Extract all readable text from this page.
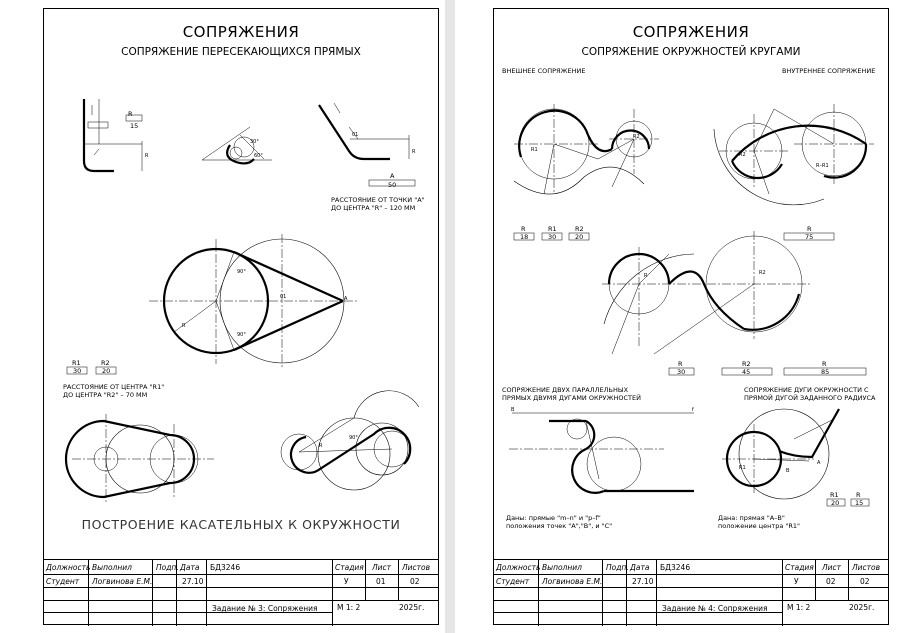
СОПРЯЖЕНИЯ
СОПРЯЖЕНИЕ ПЕРЕСЕКАЮЩИХСЯ ПРЯМЫХ
R
30°
60°
R
01
90°
90°
01	A
R
R
90°
R
15
A
50
РАССТОЯНИЕ ОТ ТОЧКИ "А"
ДО ЦЕНТРА "R" – 120 ММ
R1	R2
30	20
РАССТОЯНИЕ ОТ ЦЕНТРА "R1"
ДО ЦЕНТРА "R2" – 70 ММ
ПОСТРОЕНИЕ КАСАТЕЛЬНЫХ К ОКРУЖНОСТИ
Должность Выполнил	Подп. Дата БД3246	Стадия Лист Листов
Студент Логвинова Е.М.	27.10	У	01	02
Задание № 3: Сопряжения	М 1: 2	2025г.
СОПРЯЖЕНИЯ
СОПРЯЖЕНИЕ ОКРУЖНОСТЕЙ КРУГАМИ
R1
R2
R2
R–R1
R	R2
B	f
R1	B
A
ВНЕШНЕЕ СОПРЯЖЕНИЕ	ВНУТРЕННЕЕ СОПРЯЖЕНИЕ
R	R1	R2
18	30	20
R
75
R	R2	R
30	45	85
СОПРЯЖЕНИЕ ДВУХ ПАРАЛЛЕЛЬНЫХ
ПРЯМЫХ ДВУМЯ ДУГАМИ ОКРУЖНОСТЕЙ
СОПРЯЖЕНИЕ ДУГИ ОКРУЖНОСТИ С
ПРЯМОЙ ДУГОЙ ЗАДАННОГО РАДИУСА
R1	R
20 15
Даны: прямые "m–n" и "p–f"
положения точек "A","B", и "C"
Дана: прямая "A–B"
положение центра "R1"
Должность Выполнил	Подп. Дата БД3246	Стадия Лист Листов
Студент Логвинова Е.М.	27.10	У	02	02
Задание № 4: Сопряжения	М 1: 2	2025г.
